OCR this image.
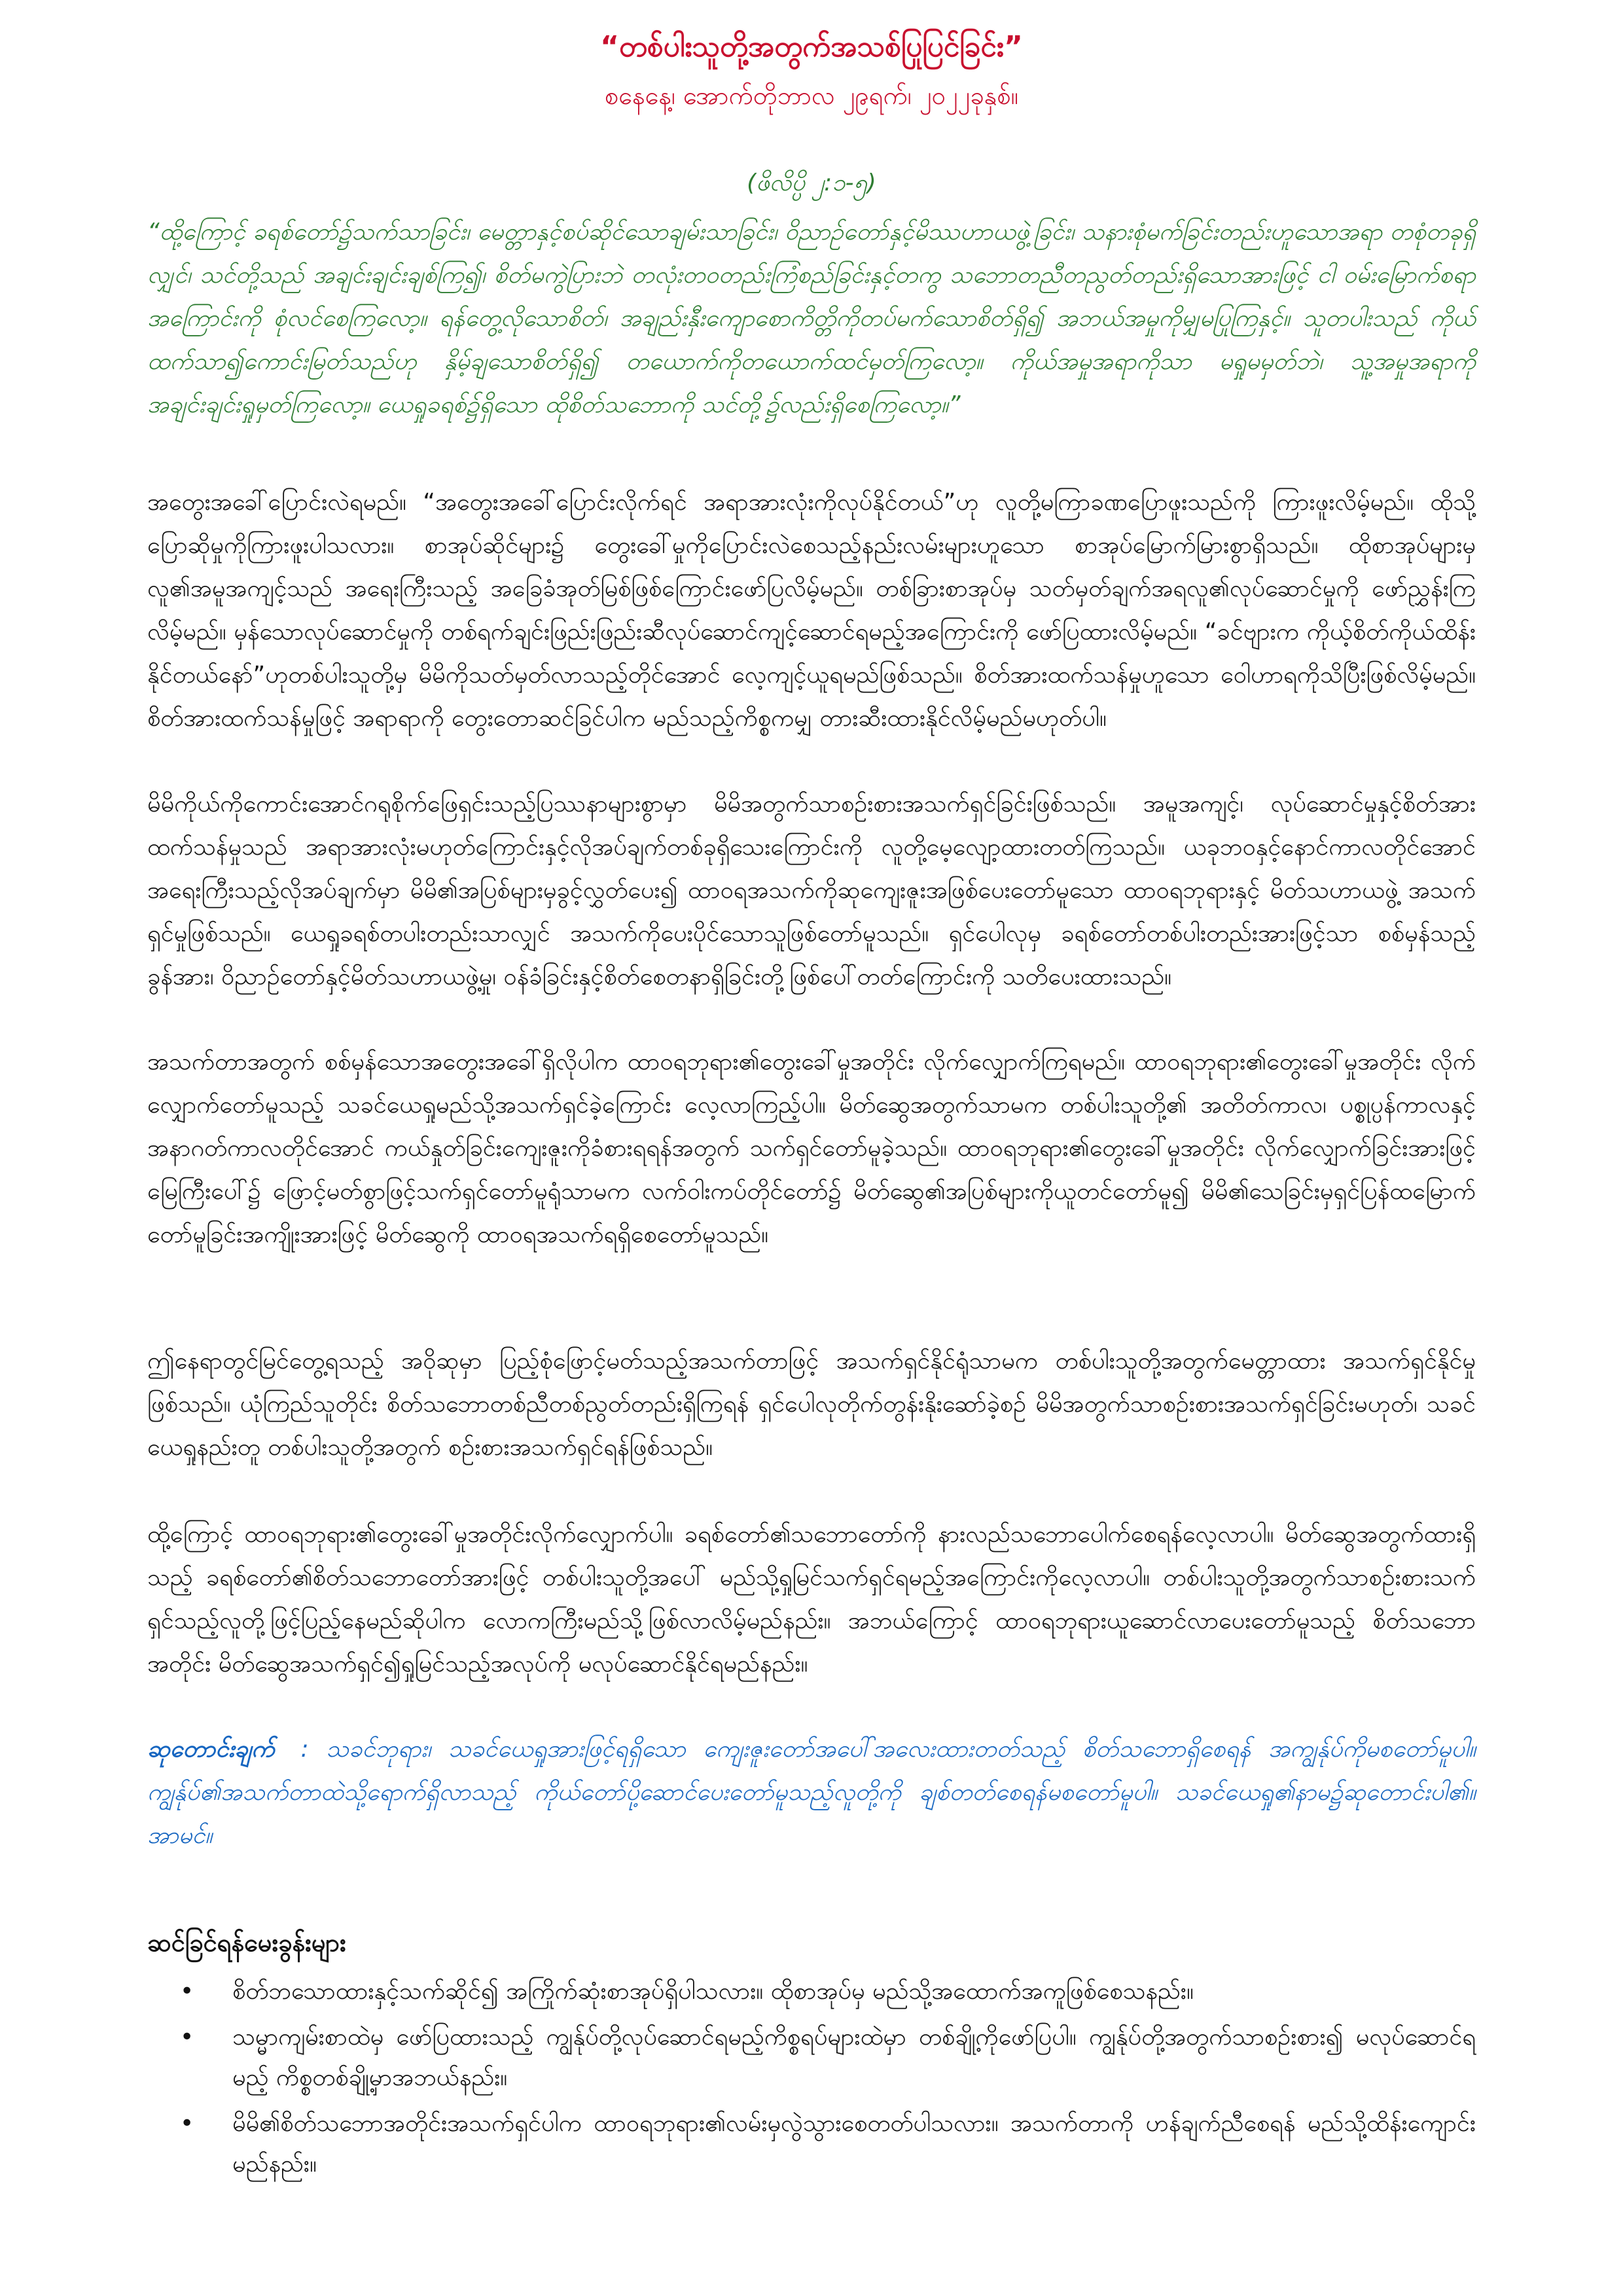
“တစ်ပါးသူတို့အတွက်အသစ်ပြုပြင်ခြင်း”
စနေနေ့၊ အောက်တိုဘာလ ၂၉ရက်၊ ၂၀၂၂ခုနှစ်။
(ဖိလိပ္ပိ ၂:၁-၅)
“ထို့ကြောင့် ခရစ်တော်၌သက်သာခြင်း၊ မေတ္တာနှင့်စပ်ဆိုင်သောချမ်းသာခြင်း၊ ဝိညာဉ်တော်နှင့်မိဿဟာယဖွဲ့ခြင်း၊ သနားစုံမက်ခြင်းတည်းဟူသောအရာ တစုံတခုရှိလျှင်၊ သင်တို့သည် အချင်းချင်းချစ်ကြ၍၊ စိတ်မကွဲပြားဘဲ တလုံးတဝတည်းကြံစည်ခြင်းနှင့်တကွ သဘောတညီတညွတ်တည်းရှိသောအားဖြင့် ငါ ဝမ်းမြောက်စရာအကြောင်းကို စုံလင်စေကြလော့။ ရန်တွေ့လိုသောစိတ်၊ အချည်းနှီးကျောစောကိတ္တိကိုတပ်မက်သောစိတ်ရှိ၍ အဘယ်အမှုကိုမျှမပြုကြနှင့်။ သူတပါးသည် ကိုယ်ထက်သာ၍ကောင်းမြတ်သည်ဟု နှိမ့်ချသောစိတ်ရှိ၍ တယောက်ကိုတယောက်ထင်မှတ်ကြလော့။ ကိုယ်အမှုအရာကိုသာ မရှုမမှတ်ဘဲ၊ သူ့အမှုအရာကို အချင်းချင်းရှုမှတ်ကြလော့။ ယေရှုခရစ်၌ရှိသော ထိုစိတ်သဘောကို သင်တို့၌လည်းရှိစေကြလော့။”
အတွေးအခေါ်ပြောင်းလဲရမည်။ “အတွေးအခေါ်ပြောင်းလိုက်ရင် အရာအားလုံးကိုလုပ်နိုင်တယ်”ဟု လူတို့မကြာခဏပြောဖူးသည်ကို ကြားဖူးလိမ့်မည်။ ထိုသို့ပြောဆိုမှုကိုကြားဖူးပါသလား။ စာအုပ်ဆိုင်များ၌ တွေးခေါ်မှုကိုပြောင်းလဲစေသည့်နည်းလမ်းများဟူသော စာအုပ်မြောက်မြားစွာရှိသည်။ ထိုစာအုပ်များမှ လူ၏အမူအကျင့်သည် အရေးကြီးသည့် အခြေခံအုတ်မြစ်ဖြစ်ကြောင်းဖော်ပြလိမ့်မည်။ တစ်ခြားစာအုပ်မှ သတ်မှတ်ချက်အရလူ၏လုပ်ဆောင်မှုကို ဖော်ညွှန်းကြလိမ့်မည်။ မှန်သောလုပ်ဆောင်မှုကို တစ်ရက်ချင်းဖြည်းဖြည်းဆီလုပ်ဆောင်ကျင့်ဆောင်ရမည့်အကြောင်းကို ဖော်ပြထားလိမ့်မည်။ “ခင်ဗျားက ကိုယ့်စိတ်ကိုယ်ထိန်းနိုင်တယ်နော်”ဟုတစ်ပါးသူတို့မှ မိမိကိုသတ်မှတ်လာသည့်တိုင်အောင် လေ့ကျင့်ယူရမည်ဖြစ်သည်။ စိတ်အားထက်သန်မှုဟူသော ဝေါဟာရကိုသိပြီးဖြစ်လိမ့်မည်။ စိတ်အားထက်သန်မှုဖြင့် အရာရာကို တွေးတောဆင်ခြင်ပါက မည်သည့်ကိစ္စကမျှ တားဆီးထားနိုင်လိမ့်မည်မဟုတ်ပါ။
မိမိကိုယ်ကိုကောင်းအောင်ဂရုစိုက်ဖြေရှင်းသည့်ပြဿနာများစွာမှာ မိမိအတွက်သာစဉ်းစားအသက်ရှင်ခြင်းဖြစ်သည်။ အမူအကျင့်၊ လုပ်ဆောင်မှုနှင့်စိတ်အားထက်သန်မှုသည် အရာအားလုံးမဟုတ်ကြောင်းနှင့်လိုအပ်ချက်တစ်ခုရှိသေးကြောင်းကို လူတို့မေ့လျော့ထားတတ်ကြသည်။ ယခုဘဝနှင့်နောင်ကာလတိုင်အောင် အရေးကြီးသည့်လိုအပ်ချက်မှာ မိမိ၏အပြစ်များမှခွင့်လွှတ်ပေး၍ ထာဝရအသက်ကိုဆုကျေးဇူးအဖြစ်ပေးတော်မူသော ထာဝရဘုရားနှင့် မိတ်သဟာယဖွဲ့ အသက်ရှင်မှုဖြစ်သည်။ ယေရှုခရစ်တပါးတည်းသာလျှင် အသက်ကိုပေးပိုင်သောသူဖြစ်တော်မူသည်။ ရှင်ပေါလုမှ ခရစ်တော်တစ်ပါးတည်းအားဖြင့်သာ စစ်မှန်သည့်ခွန်အား၊ ဝိညာဉ်တော်နှင့်မိတ်သဟာယဖွဲ့မှု၊ ဝန်ခံခြင်းနှင့်စိတ်စေတနာရှိခြင်းတို့ဖြစ်ပေါ်တတ်ကြောင်းကို သတိပေးထားသည်။
အသက်တာအတွက် စစ်မှန်သောအတွေးအခေါ်ရှိလိုပါက ထာဝရဘုရား၏တွေးခေါ်မှုအတိုင်း လိုက်လျှောက်ကြရမည်။ ထာဝရဘုရား၏တွေးခေါ်မှုအတိုင်း လိုက်လျှောက်တော်မူသည့် သခင်ယေရှုမည်သို့အသက်ရှင်ခဲ့ကြောင်း လေ့လာကြည့်ပါ။ မိတ်ဆွေအတွက်သာမက တစ်ပါးသူတို့၏ အတိတ်ကာလ၊ ပစ္စုပ္ပန်ကာလနှင့်အနာဂတ်ကာလတိုင်အောင် ကယ်နှုတ်ခြင်းကျေးဇူးကိုခံစားရရန်အတွက် သက်ရှင်တော်မူခဲ့သည်။ ထာဝရဘုရား၏တွေးခေါ်မှုအတိုင်း လိုက်လျှောက်ခြင်းအားဖြင့်မြေကြီးပေါ်၌ ဖြောင့်မတ်စွာဖြင့်သက်ရှင်တော်မူရုံသာမက လက်ဝါးကပ်တိုင်တော်၌ မိတ်ဆွေ၏အပြစ်များကိုယူတင်တော်မူ၍ မိမိ၏သေခြင်းမှရှင်ပြန်ထမြောက်တော်မူခြင်းအကျိုးအားဖြင့် မိတ်ဆွေကို ထာဝရအသက်ရရှိစေတော်မူသည်။
ဤနေရာတွင်မြင်တွေ့ရသည့် အဝိုဆုမှာ ပြည့်စုံဖြောင့်မတ်သည့်အသက်တာဖြင့် အသက်ရှင်နိုင်ရုံသာမက တစ်ပါးသူတို့အတွက်မေတ္တာထား အသက်ရှင်နိုင်မှုဖြစ်သည်။ ယုံကြည်သူတိုင်း စိတ်သဘောတစ်ညီတစ်ညွတ်တည်းရှိကြရန် ရှင်ပေါလုတိုက်တွန်းနိုးဆော်ခဲ့စဉ် မိမိအတွက်သာစဉ်းစားအသက်ရှင်ခြင်းမဟုတ်၊ သခင်ယေရှုနည်းတူ တစ်ပါးသူတို့အတွက် စဉ်းစားအသက်ရှင်ရန်ဖြစ်သည်။
ထို့ကြောင့် ထာဝရဘုရား၏တွေးခေါ်မှုအတိုင်းလိုက်လျှောက်ပါ။ ခရစ်တော်၏သဘောတော်ကို နားလည်သဘောပေါက်စေရန်လေ့လာပါ။ မိတ်ဆွေအတွက်ထားရှိသည့် ခရစ်တော်၏စိတ်သဘောတော်အားဖြင့် တစ်ပါးသူတို့အပေါ် မည်သို့ရှုမြင်သက်ရှင်ရမည့်အကြောင်းကိုလေ့လာပါ။ တစ်ပါးသူတို့အတွက်သာစဉ်းစားသက်ရှင်သည့်လူတို့ဖြင့်ပြည့်နေမည်ဆိုပါက လောကကြီးမည်သို့ဖြစ်လာလိမ့်မည်နည်း။ အဘယ်ကြောင့် ထာဝရဘုရားယူဆောင်လာပေးတော်မူသည့် စိတ်သဘောအတိုင်း မိတ်ဆွေအသက်ရှင်၍ရှုမြင်သည့်အလုပ်ကို မလုပ်ဆောင်နိုင်ရမည်နည်း။
ဆုတောင်းချက် : သခင်ဘုရား၊ သခင်ယေရှုအားဖြင့်ရရှိသော ကျေးဇူးတော်အပေါ်အလေးထားတတ်သည့် စိတ်သဘောရှိစေရန် အကျွန်ုပ်ကိုမစတော်မူပါ။ ကျွန်ုပ်၏အသက်တာထဲသို့ရောက်ရှိလာသည့် ကိုယ်တော်ပို့ဆောင်ပေးတော်မူသည့်လူတို့ကို ချစ်တတ်စေရန်မစတော်မူပါ။ သခင်ယေရှု၏နာမ၌ဆုတောင်းပါ၏။ အာမင်။
ဆင်ခြင်ရန်မေးခွန်းများ
• စိတ်ဘသောထားနှင့်သက်ဆိုင်၍ အကြိုက်ဆုံးစာအုပ်ရှိပါသလား။ ထိုစာအုပ်မှ မည်သို့အထောက်အကူဖြစ်စေသနည်း။
• သမ္မာကျမ်းစာထဲမှ ဖော်ပြထားသည့် ကျွန်ုပ်တို့လုပ်ဆောင်ရမည့်ကိစ္စရပ်များထဲမှာ တစ်ချို့ကိုဖော်ပြပါ။ ကျွန်ုပ်တို့အတွက်သာစဉ်းစား၍ မလုပ်ဆောင်ရမည့် ကိစ္စတစ်ချို့မှာအဘယ်နည်း။
• မိမိ၏စိတ်သဘောအတိုင်းအသက်ရှင်ပါက ထာဝရဘုရား၏လမ်းမှလွဲသွားစေတတ်ပါသလား။ အသက်တာကို ဟန်ချက်ညီစေရန် မည်သို့ထိန်းကျောင်းမည်နည်း။
